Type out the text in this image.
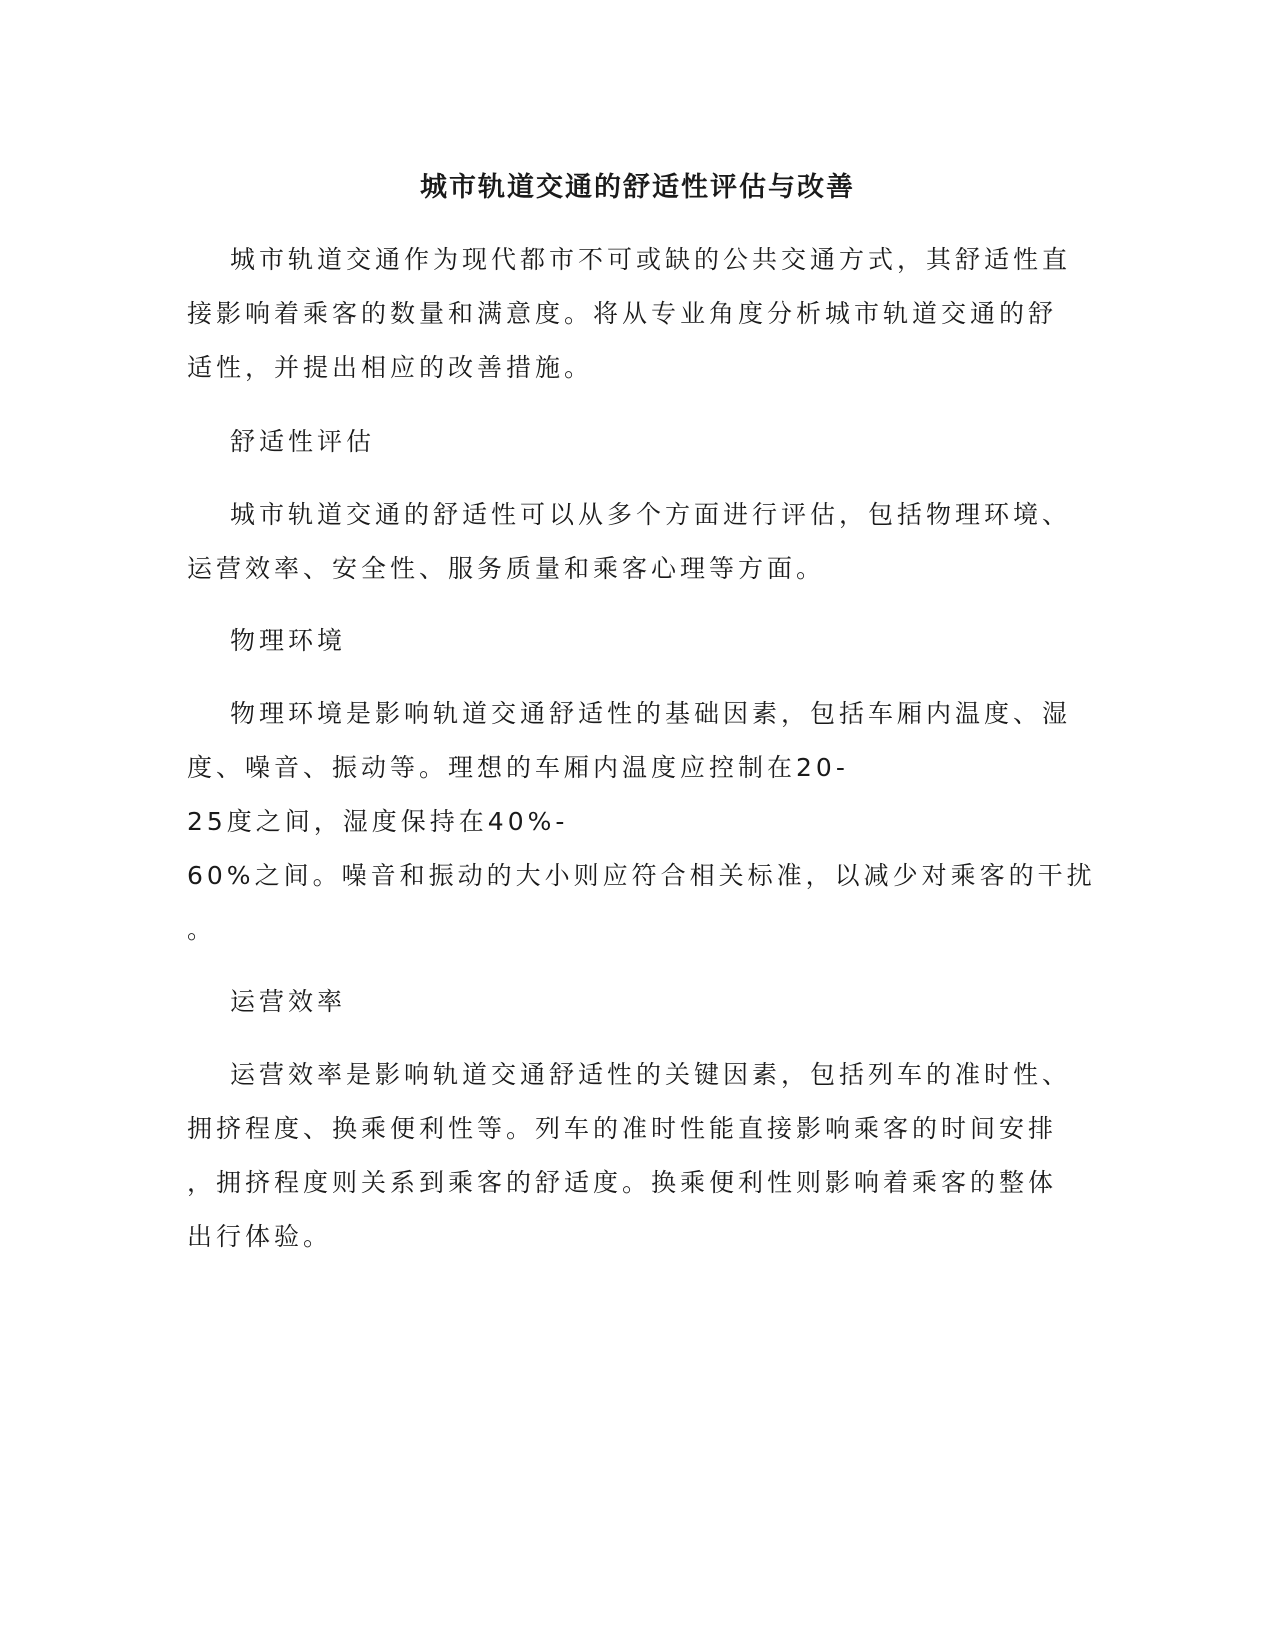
城市轨道交通的舒适性评估与改善

城市轨道交通作为现代都市不可或缺的公共交通方式，其舒适性直

接影响着乘客的数量和满意度。将从专业角度分析城市轨道交通的舒

适性，并提出相应的改善措施。

舒适性评估

城市轨道交通的舒适性可以从多个方面进行评估，包括物理环境、

运营效率、安全性、服务质量和乘客心理等方面。

物理环境

物理环境是影响轨道交通舒适性的基础因素，包括车厢内温度、湿

度、噪音、振动等。理想的车厢内温度应控制在20-

25度之间，湿度保持在40%-

60%之间。噪音和振动的大小则应符合相关标准，以减少对乘客的干扰

。

运营效率

运营效率是影响轨道交通舒适性的关键因素，包括列车的准时性、

拥挤程度、换乘便利性等。列车的准时性能直接影响乘客的时间安排

，拥挤程度则关系到乘客的舒适度。换乘便利性则影响着乘客的整体

出行体验。
